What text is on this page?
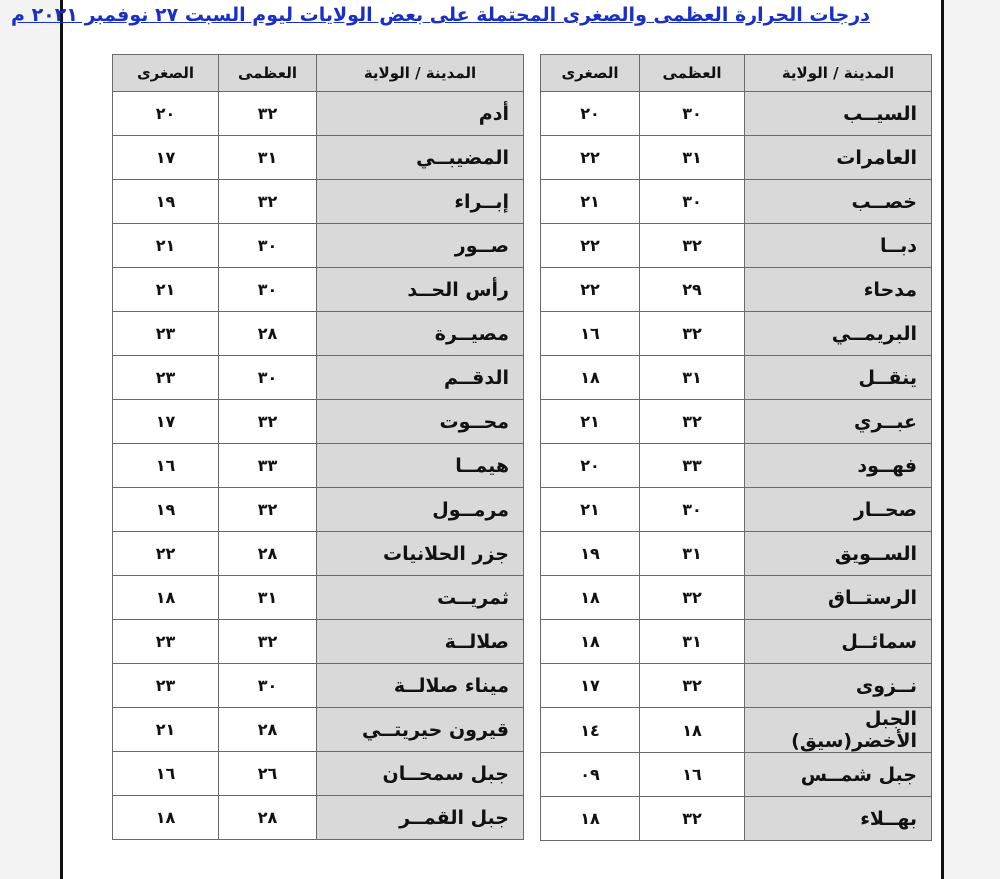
درجات الحرارة العظمى والصغرى المحتملة على بعض الولايات ليوم السبت ٢٧ نوفمبر ٢٠٢١ م
المدينة / الولاية	العظمى	الصغرى
السيــب	٣٠	٢٠
العامرات	٣١	٢٢
خصــب	٣٠	٢١
دبــا	٣٢	٢٢
مدحاء	٢٩	٢٢
البريمــي	٣٢	١٦
ينقــل	٣١	١٨
عبــري	٣٢	٢١
فهــود	٣٣	٢٠
صحــار	٣٠	٢١
الســويق	٣١	١٩
الرستــاق	٣٢	١٨
سمائــل	٣١	١٨
نــزوى	٣٢	١٧
الجبل الأخضر(سيق)	١٨	١٤
جبل شمــس	١٦	٠٩
بهــلاء	٣٢	١٨
المدينة / الولاية	العظمى	الصغرى
أدم	٣٢	٢٠
المضيبــي	٣١	١٧
إبــراء	٣٢	١٩
صــور	٣٠	٢١
رأس الحــد	٣٠	٢١
مصيــرة	٢٨	٢٣
الدقــم	٣٠	٢٣
محــوت	٣٢	١٧
هيمــا	٣٣	١٦
مرمــول	٣٢	١٩
جزر الحلانيات	٢٨	٢٢
ثمريــت	٣١	١٨
صلالــة	٣٢	٢٣
ميناء صلالــة	٣٠	٢٣
قيرون حيريتــي	٢٨	٢١
جبل سمحــان	٢٦	١٦
جبل القمــر	٢٨	١٨
